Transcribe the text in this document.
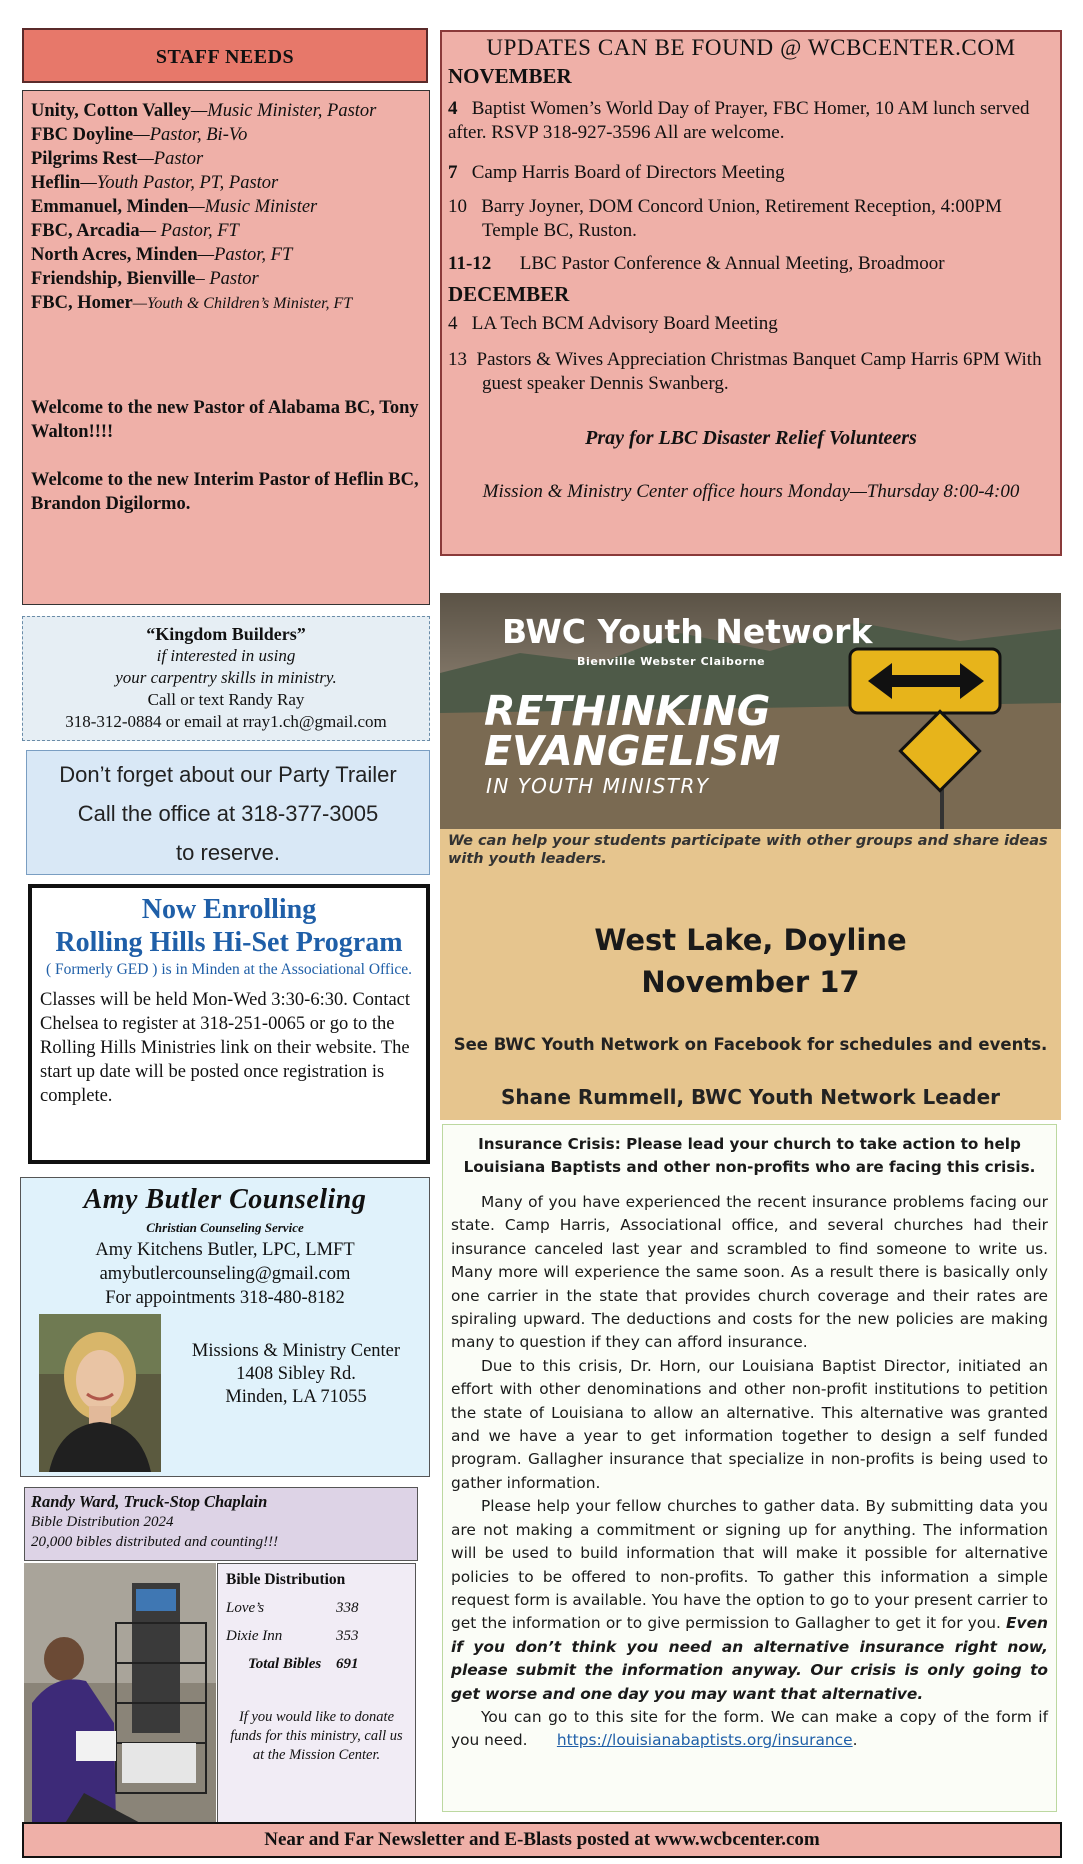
STAFF NEEDS
Unity, Cotton Valley—Music Minister, Pastor
FBC Doyline—Pastor, Bi-Vo
Pilgrims Rest—Pastor
Heflin—Youth Pastor, PT, Pastor
Emmanuel, Minden—Music Minister
FBC, Arcadia— Pastor, FT
North Acres, Minden—Pastor, FT
Friendship, Bienville– Pastor
FBC, Homer—Youth & Children’s Minister, FT
Welcome to the new Pastor of Alabama BC, Tony Walton!!!!
Welcome to the new Interim Pastor of Heflin BC, Brandon Digilormo.
UPDATES CAN BE FOUND @ WCBCENTER.COM
NOVEMBER
4 Baptist Women’s World Day of Prayer, FBC Homer, 10 AM lunch served after. RSVP 318-927-3596 All are welcome.
7 Camp Harris Board of Directors Meeting
10 Barry Joyner, DOM Concord Union, Retirement Reception, 4:00PM Temple BC, Ruston.
11-12 LBC Pastor Conference & Annual Meeting, Broadmoor
DECEMBER
4 LA Tech BCM Advisory Board Meeting
13 Pastors & Wives Appreciation Christmas Banquet Camp Harris 6PM With guest speaker Dennis Swanberg.
Pray for LBC Disaster Relief Volunteers
Mission & Ministry Center office hours Monday—Thursday 8:00-4:00
“Kingdom Builders”
if interested in using
your carpentry skills in ministry.
Call or text Randy Ray
318-312-0884 or email at rray1.ch@gmail.com
Don’t forget about our Party Trailer
Call the office at 318-377-3005
to reserve.
Now Enrolling
Rolling Hills Hi-Set Program
( Formerly GED ) is in Minden at the Associational Office.
Classes will be held Mon-Wed 3:30-6:30. Contact Chelsea to register at 318-251-0065 or go to the Rolling Hills Ministries link on their website. The start up date will be posted once registration is complete.
Amy Butler Counseling
Christian Counseling Service
Amy Kitchens Butler, LPC, LMFT
amybutlercounseling@gmail.com
For appointments 318-480-8182
Missions & Ministry Center
1408 Sibley Rd.
Minden, LA 71055
Randy Ward, Truck-Stop Chaplain
Bible Distribution 2024
20,000 bibles distributed and counting!!!
Bible Distribution
Love’s	338
Dixie Inn	353
Total Bibles 691
If you would like to donate funds for this ministry, call us at the Mission Center.
BWC Youth Network
Bienville Webster Claiborne
RETHINKING
EVANGELISM
IN YOUTH MINISTRY
We can help your students participate with other groups and share ideas with youth leaders.
West Lake, Doyline
November 17
See BWC Youth Network on Facebook for schedules and events.
Shane Rummell, BWC Youth Network Leader
Insurance Crisis: Please lead your church to take action to help Louisiana Baptists and other non-profits who are facing this crisis.

Many of you have experienced the recent insurance problems facing our state. Camp Harris, Associational office, and several churches had their insurance canceled last year and scrambled to find someone to write us. Many more will experience the same soon. As a result there is basically only one carrier in the state that provides church coverage and their rates are spiraling upward. The deductions and costs for the new policies are making many to question if they can afford insurance.

Due to this crisis, Dr. Horn, our Louisiana Baptist Director, initiated an effort with other denominations and other non-profit institutions to petition the state of Louisiana to allow an alternative. This alternative was granted and we have a year to get information together to design a self funded program. Gallagher insurance that specialize in non-profits is being used to gather information.

Please help your fellow churches to gather data. By submitting data you are not making a commitment or signing up for anything. The information will be used to build information that will make it possible for alternative policies to be offered to non-profits. To gather this information a simple request form is available. You have the option to go to your present carrier to get the information or to give permission to Gallagher to get it for you. Even if you don’t think you need an alternative insurance right now, please submit the information anyway. Our crisis is only going to get worse and one day you may want that alternative.

You can go to this site for the form. We can make a copy of the form if you need. https://louisianabaptists.org/insurance.

Near and Far Newsletter and E-Blasts posted at www.wcbcenter.com
